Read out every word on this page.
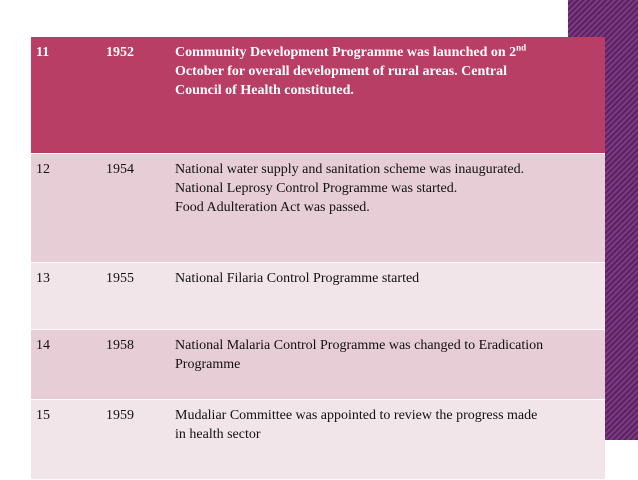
11	1952	Community Development Programme was launched on 2nd
October for overall development of rural areas. Central
Council of Health constituted.
12	1954	National water supply and sanitation scheme was inaugurated.
National Leprosy Control Programme was started.
Food Adulteration Act was passed.
13	1955	National Filaria Control Programme started
14	1958	National Malaria Control Programme was changed to Eradication
Programme
15	1959	Mudaliar Committee was appointed to review the progress made
in health sector
